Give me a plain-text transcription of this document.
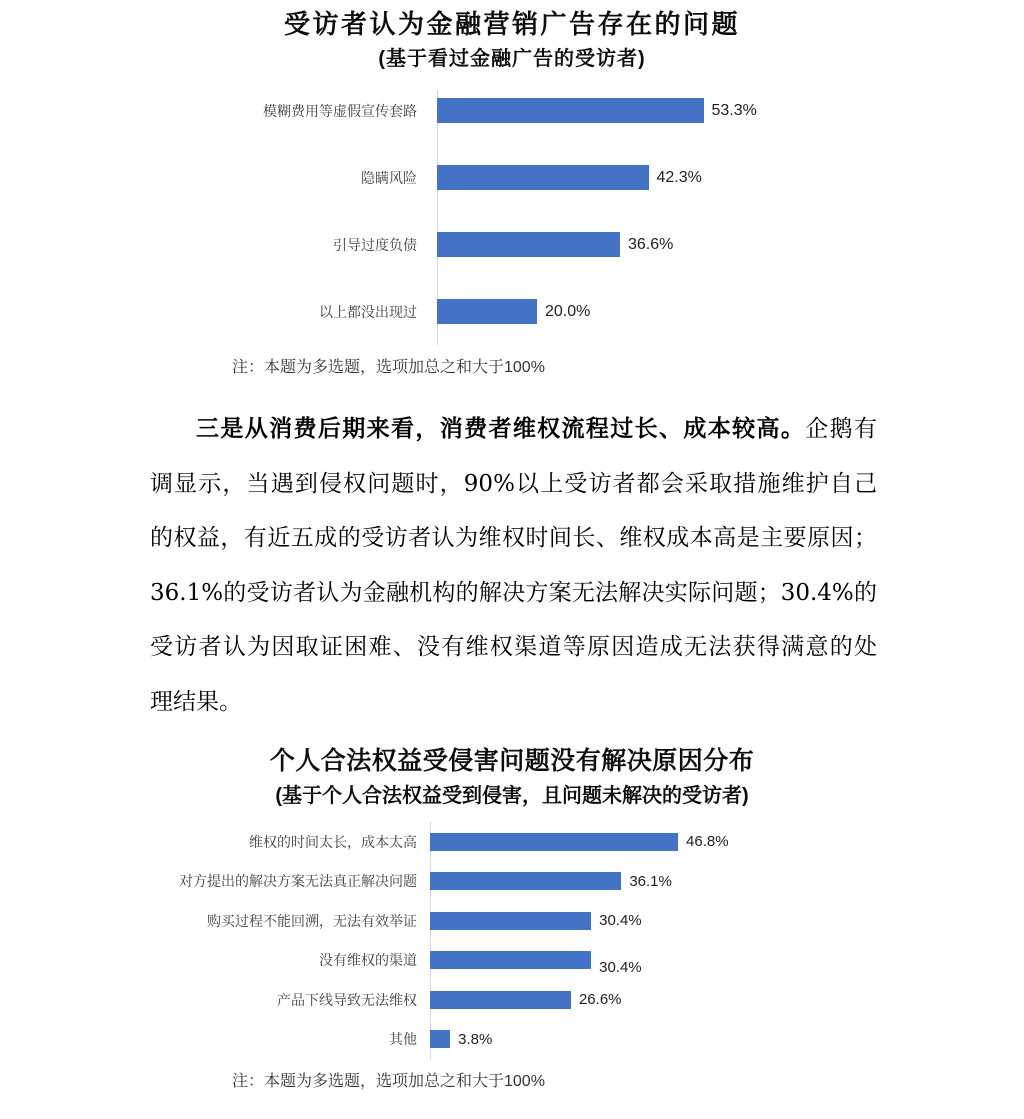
受访者认为金融营销广告存在的问题
(基于看过金融广告的受访者)
模糊费用等虚假宣传套路	53.3%
隐瞒风险	42.3%
引导过度负债	36.6%
以上都没出现过	20.0%
注：本题为多选题，选项加总之和大于100%
三是从消费后期来看，消费者维权流程过长、成本较高。企鹅有
调显示，当遇到侵权问题时，90%以上受访者都会采取措施维护自己
的权益，有近五成的受访者认为维权时间长、维权成本高是主要原因；
36.1%的受访者认为金融机构的解决方案无法解决实际问题；30.4%的
受访者认为因取证困难、没有维权渠道等原因造成无法获得满意的处
理结果。
个人合法权益受侵害问题没有解决原因分布
(基于个人合法权益受到侵害，且问题未解决的受访者)
维权的时间太长，成本太高	46.8%
对方提出的解决方案无法真正解决问题	36.1%
购买过程不能回溯，无法有效举证	30.4%
没有维权的渠道	30.4%
产品下线导致无法维权	26.6%
其他	3.8%
注：本题为多选题，选项加总之和大于100%
